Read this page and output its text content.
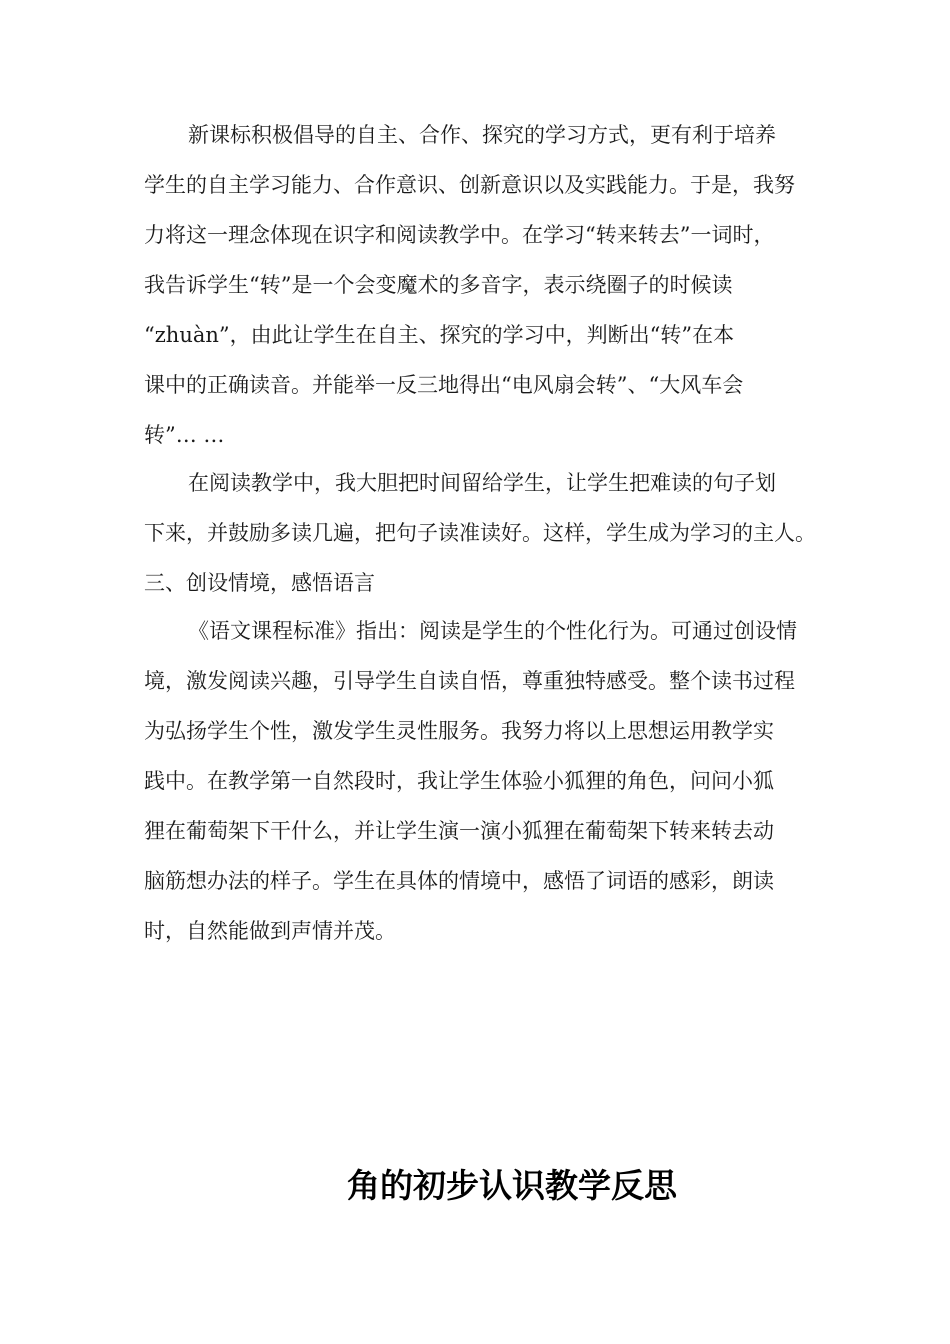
新课标积极倡导的自主、合作、探究的学习方式，更有利于培养
学生的自主学习能力、合作意识、创新意识以及实践能力。于是，我努
力将这一理念体现在识字和阅读教学中。在学习“转来转去”一词时，
我告诉学生“转”是一个会变魔术的多音字，表示绕圈子的时候读
“zhuàn”，由此让学生在自主、探究的学习中，判断出“转”在本
课中的正确读音。并能举一反三地得出“电风扇会转”、“大风车会
转”… …
在阅读教学中，我大胆把时间留给学生，让学生把难读的句子划
下来，并鼓励多读几遍，把句子读准读好。这样，学生成为学习的主人。
三、创设情境，感悟语言
《语文课程标准》指出：阅读是学生的个性化行为。可通过创设情
境，激发阅读兴趣，引导学生自读自悟，尊重独特感受。整个读书过程
为弘扬学生个性，激发学生灵性服务。我努力将以上思想运用教学实
践中。在教学第一自然段时，我让学生体验小狐狸的角色，问问小狐
狸在葡萄架下干什么，并让学生演一演小狐狸在葡萄架下转来转去动
脑筋想办法的样子。学生在具体的情境中，感悟了词语的感彩，朗读
时，自然能做到声情并茂。
角的初步认识教学反思
